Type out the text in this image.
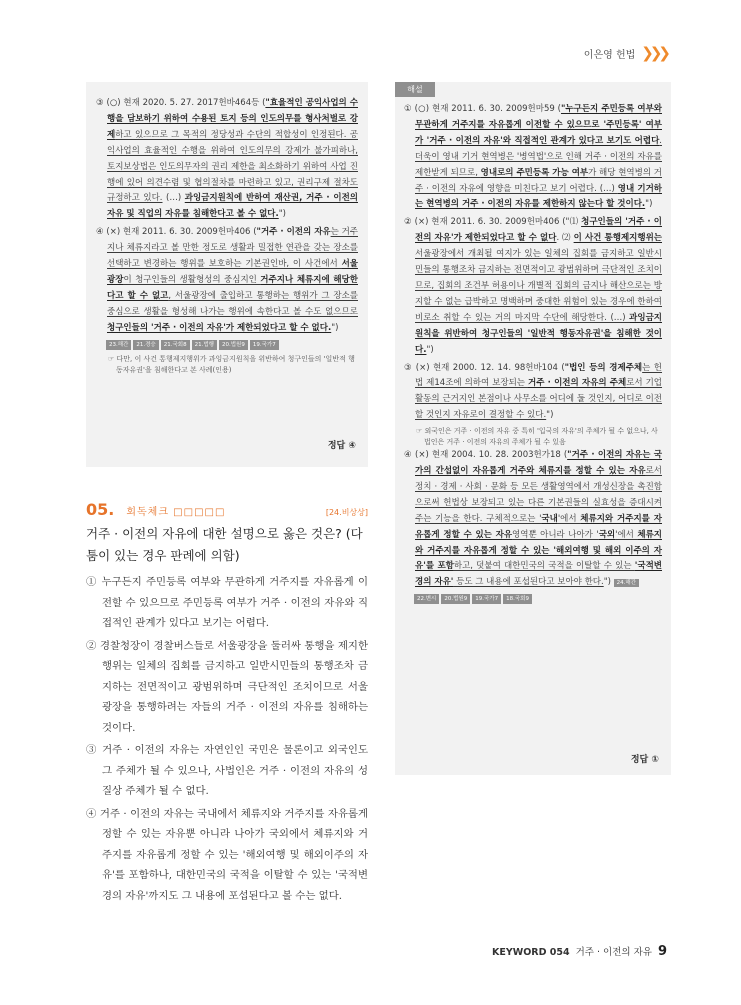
이은영 헌법 ❯❯❯

③ (○) 현재 2020. 5. 27. 2017헌바464등 ("효율적인 공익사업의 수행을 담보하기 위하여 수용된 토지 등의 인도의무를 형사처벌로 강제하고 있으므로 그 목적의 정당성과 수단의 적합성이 인정된다. 공익사업의 효율적인 수행을 위하여 인도의무의 강제가 불가피하나, 토지보상법은 인도의무자의 권리 제한을 최소화하기 위하여 사업 진행에 있어 의견수렴 및 협의절차를 마련하고 있고, 권리구제 절차도 규정하고 있다. (…) 과잉금지원칙에 반하여 재산권, 거주 · 이전의 자유 및 직업의 자유를 침해한다고 볼 수 없다.")

④ (×) 현재 2011. 6. 30. 2009헌마406 ("거주 · 이전의 자유는 거주지나 체류지라고 볼 만한 정도로 생활과 밀접한 연관을 갖는 장소를 선택하고 변경하는 행위를 보호하는 기본권인바, 이 사건에서 서울광장이 청구인들의 생활형성의 중심지인 거주지나 체류지에 해당한다고 할 수 없고, 서울광장에 출입하고 통행하는 행위가 그 장소를 중심으로 생활을 형성해 나가는 행위에 속한다고 볼 수도 없으므로 청구인들의 '거주 · 이전의 자유'가 제한되었다고 할 수 없다.")

23.해간	21.경승	21.국회8	21.법행	20.법원9	19.국가7

☞ 다만, 이 사건 통행제지행위가 과잉금지원칙을 위반하여 청구인들의 '일반적 행동자유권'을 침해한다고 본 사례(인용)

정답 ④
05. 회독체크 □□□□□	[24.비상상]
거주 · 이전의 자유에 대한 설명으로 옳은 것은? (다툼이 있는 경우 판례에 의함)

① 누구든지 주민등록 여부와 무관하게 거주지를 자유롭게 이전할 수 있으므로 주민등록 여부가 거주 · 이전의 자유와 직접적인 관계가 있다고 보기는 어렵다.

② 경찰청장이 경찰버스들로 서울광장을 둘러싸 통행을 제지한 행위는 일체의 집회를 금지하고 일반시민들의 통행조차 금지하는 전면적이고 광범위하며 극단적인 조치이므로 서울광장을 통행하려는 자들의 거주 · 이전의 자유를 침해하는 것이다.

③ 거주 · 이전의 자유는 자연인인 국민은 물론이고 외국인도 그 주체가 될 수 있으나, 사법인은 거주 · 이전의 자유의 성질상 주체가 될 수 없다.

④ 거주 · 이전의 자유는 국내에서 체류지와 거주지를 자유롭게 정할 수 있는 자유뿐 아니라 나아가 국외에서 체류지와 거주지를 자유롭게 정할 수 있는 '해외여행 및 해외이주의 자유'를 포함하나, 대한민국의 국적을 이탈할 수 있는 '국적변경의 자유'까지도 그 내용에 포섭된다고 볼 수는 없다.

해설

① (○) 현재 2011. 6. 30. 2009헌마59 ("누구든지 주민등록 여부와 무관하게 거주지를 자유롭게 이전할 수 있으므로 '주민등록' 여부가 '거주 · 이전의 자유'와 직접적인 관계가 있다고 보기도 어렵다. 더욱이 영내 기거 현역병은 '병역법'으로 인해 거주 · 이전의 자유를 제한받게 되므로, 영내로의 주민등록 가능 여부가 해당 현역병의 거주 · 이전의 자유에 영향을 미친다고 보기 어렵다. (…) 영내 기거하는 현역병의 거주 · 이전의 자유를 제한하지 않는다 할 것이다.")

② (×) 현재 2011. 6. 30. 2009헌마406 ("⑴ 청구인들의 '거주 · 이전의 자유'가 제한되었다고 할 수 없다. ⑵ 이 사건 통행제지행위는 서울광장에서 개최될 여지가 있는 일체의 집회를 금지하고 일반시민들의 통행조차 금지하는 전면적이고 광범위하며 극단적인 조치이므로, 집회의 조건부 허용이나 개별적 집회의 금지나 해산으로는 방지할 수 없는 급박하고 명백하며 중대한 위험이 있는 경우에 한하여 비로소 취할 수 있는 거의 마지막 수단에 해당한다. (…) 과잉금지원칙을 위반하여 청구인들의 '일반적 행동자유권'을 침해한 것이다.")

③ (×) 현재 2000. 12. 14. 98헌바104 ("법인 등의 경제주체는 헌법 제14조에 의하여 보장되는 거주 · 이전의 자유의 주체로서 기업활동의 근거지인 본점이나 사무소를 어디에 둘 것인지, 어디로 이전할 것인지 자유로이 결정할 수 있다.")

☞ 외국인은 거주 · 이전의 자유 중 특히 '입국의 자유'의 주체가 될 수 없으나, 사법인은 거주 · 이전의 자유의 주체가 될 수 있음

④ (×) 현재 2004. 10. 28. 2003헌가18 ("거주 · 이전의 자유는 국가의 간섭없이 자유롭게 거주와 체류지를 정할 수 있는 자유로서 정치 · 경제 · 사회 · 문화 등 모든 생활영역에서 개성신장을 촉진함으로써 헌법상 보장되고 있는 다른 기본권들의 실효성을 증대시켜주는 기능을 한다. 구체적으로는 '국내'에서 체류지와 거주지를 자유롭게 정할 수 있는 자유영역뿐 아니라 나아가 '국외'에서 체류지와 거주지를 자유롭게 정할 수 있는 '해외여행 및 해외 이주의 자유'를 포함하고, 덧붙여 대한민국의 국적을 이탈할 수 있는 '국적변경의 자유' 등도 그 내용에 포섭된다고 보아야 한다.") 24.해간

22.변시	20.법원9	19.국가7	18.국회9
정답 ①
KEYWORD 054 거주 · 이전의 자유 9
